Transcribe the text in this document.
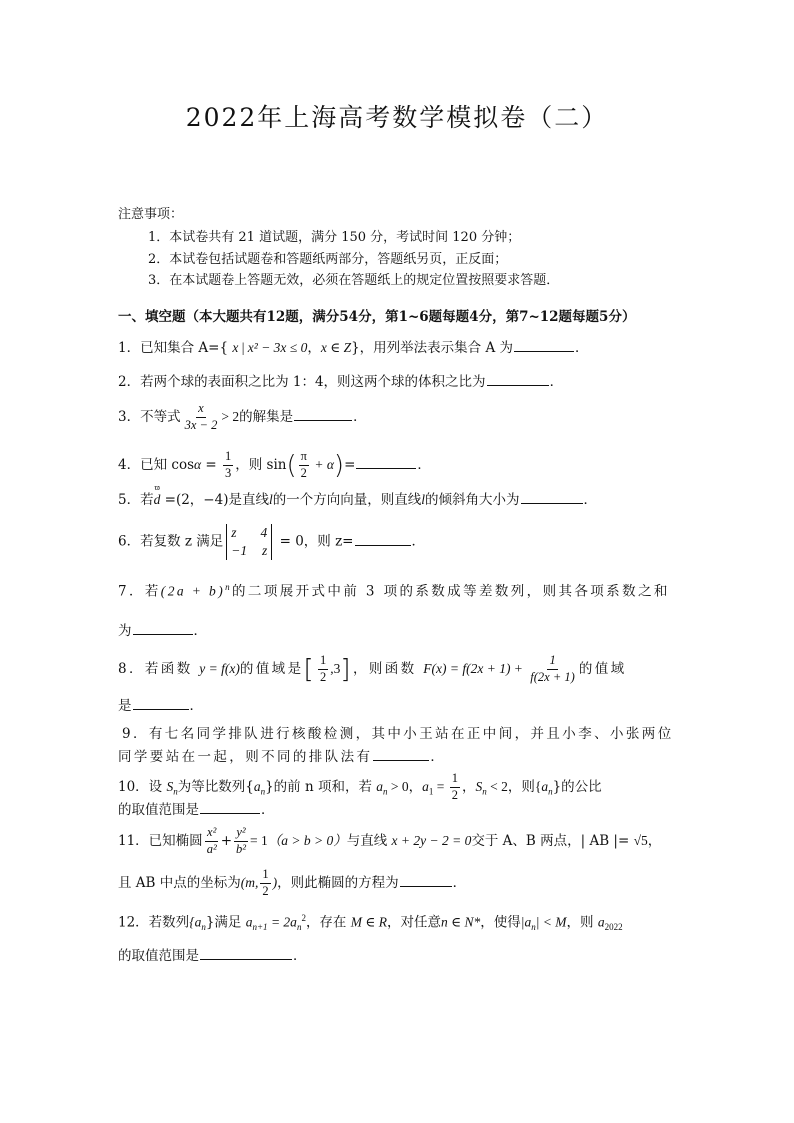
2022年上海高考数学模拟卷（二）
注意事项：
1．本试卷共有 21 道试题，满分 150 分，考试时间 120 分钟；
2．本试卷包括试题卷和答题纸两部分，答题纸另页，正反面；
3．在本试题卷上答题无效，必须在答题纸上的规定位置按照要求答题．
一、填空题（本大题共有12题，满分54分，第1~6题每题4分，第7~12题每题5分）
1．已知集合 A={ x | x² − 3x ≤ 0，x ∈ Z}，用列举法表示集合 A 为	．
2．若两个球的表面积之比为 1：4，则这两个球的体积之比为	．
3．不等式 $\frac{x}{3x - 2} > 2$的解集是	．
4．已知 $\cos\alpha = \frac{1}{3}$ ，则 $\sin( \frac{\pi}{2} + \alpha)=$	．
5．若
ϖ
d =(2，−4)是直线l的一个方向向量，则直线l的倾斜角大小为	．
6．若复数 z 满足
z 4
−1 z
= 0，则 z=	．
7．若$(2a + b)^n$的二项展开式中前 3 项的系数成等差数列，则其各项系数之和
为	．
8．若函数 y = f(x)的值域是[ $\frac{1}{2} ,3$]，则函数 $F(x) = f(2x + 1) + \frac{1}{f(2x + 1)}$ 的值域
是	．
9．有七名同学排队进行核酸检测，其中小王站在正中间，并且小李、小张两位
同学要站在一起，则不同的排队法有	．
10．设 $S_n$为等比数列$\{a_n\}$的前 n 项和，若 $a_n > 0$，$a_1 = \frac{1}{2}$ ，$S_n < 2$，则$\{a_n\}$的公比
的取值范围是	．
11．已知椭圆 $\frac{\text{x²}}{\text{a²}} + \frac{\text{y²}}{\text{b²}} = 1(a > b > 0)$与直线 x + 2y − 2 = 0交于 A、B 两点，| AB |= √5，
且 AB 中点的坐标为(m, $\frac{1}{2}$ )，则此椭圆的方程为	．
12．若数列$\{a_n\}$满足 $a_{n+1} = 2a_n^2$，存在 M ∈ R，对任意n ∈ N*，使得$|a_n| < M$，则 $a_{2022}$
的取值范围是	．
